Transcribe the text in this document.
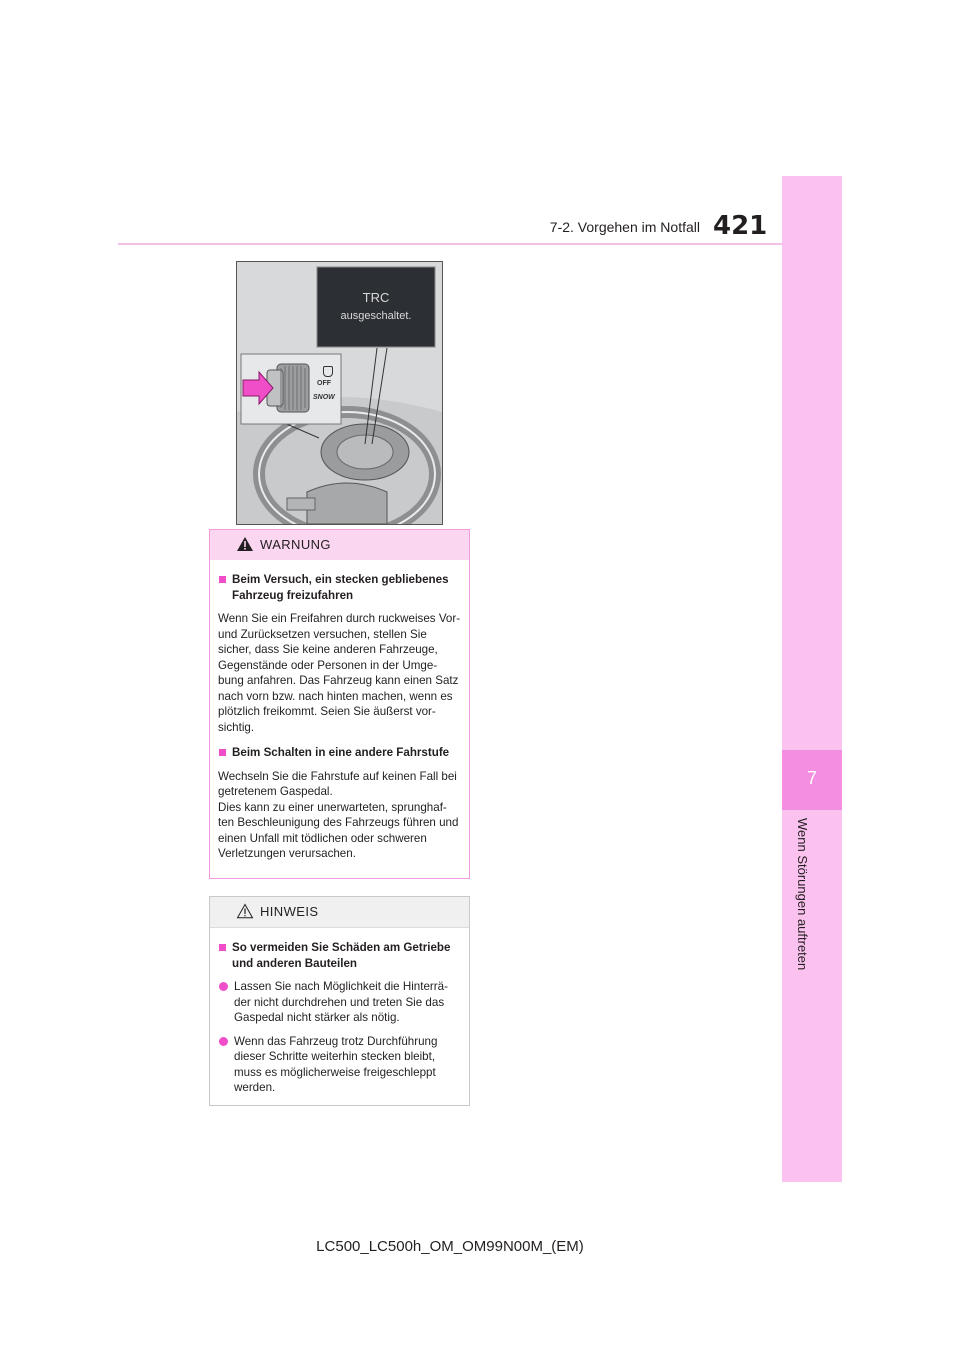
7-2. Vorgehen im Notfall 421
7
Wenn Störungen auftreten
TRC
ausgeschaltet.
OFF
SNOW
WARNUNG
Beim Versuch, ein stecken gebliebenes Fahrzeug freizufahren
Wenn Sie ein Freifahren durch ruckweises Vor- und Zurücksetzen versuchen, stellen Sie sicher, dass Sie keine anderen Fahrzeuge, Gegenstände oder Personen in der Umge-bung anfahren. Das Fahrzeug kann einen Satz nach vorn bzw. nach hinten machen, wenn es plötzlich freikommt. Seien Sie äußerst vor-sichtig.
Beim Schalten in eine andere Fahrstufe
Wechseln Sie die Fahrstufe auf keinen Fall bei getretenem Gaspedal.
Dies kann zu einer unerwarteten, sprunghaf-ten Beschleunigung des Fahrzeugs führen und einen Unfall mit tödlichen oder schweren Verletzungen verursachen.
HINWEIS
So vermeiden Sie Schäden am Getriebe und anderen Bauteilen
Lassen Sie nach Möglichkeit die Hinterrä-der nicht durchdrehen und treten Sie das Gaspedal nicht stärker als nötig.
Wenn das Fahrzeug trotz Durchführung dieser Schritte weiterhin stecken bleibt, muss es möglicherweise freigeschleppt werden.
LC500_LC500h_OM_OM99N00M_(EM)
